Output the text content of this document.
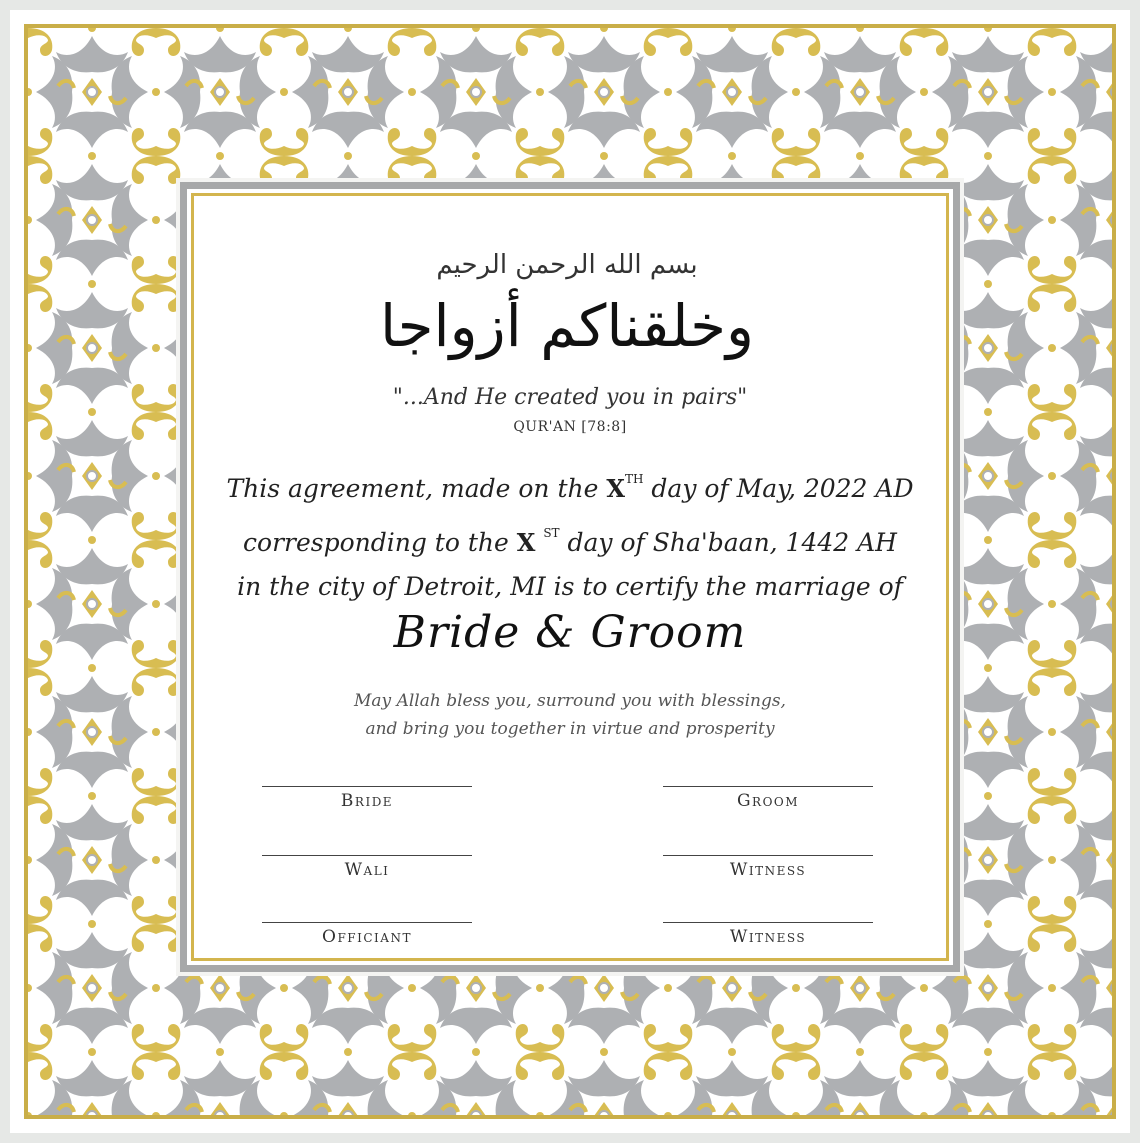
بسم الله الرحمن الرحيم
وخلقناكم أزواجا
"...And He created you in pairs"
QUR'AN [78:8]
This agreement, made on the XTH day of May, 2022 AD
corresponding to the X $^{ST}$ day of Sha'baan, 1442 AH
in the city of Detroit, MI is to certify the marriage of
Bride & Groom
May Allah bless you, surround you with blessings,
and bring you together in virtue and prosperity
Bride	Groom
Wali	Witness
Officiant	Witness
